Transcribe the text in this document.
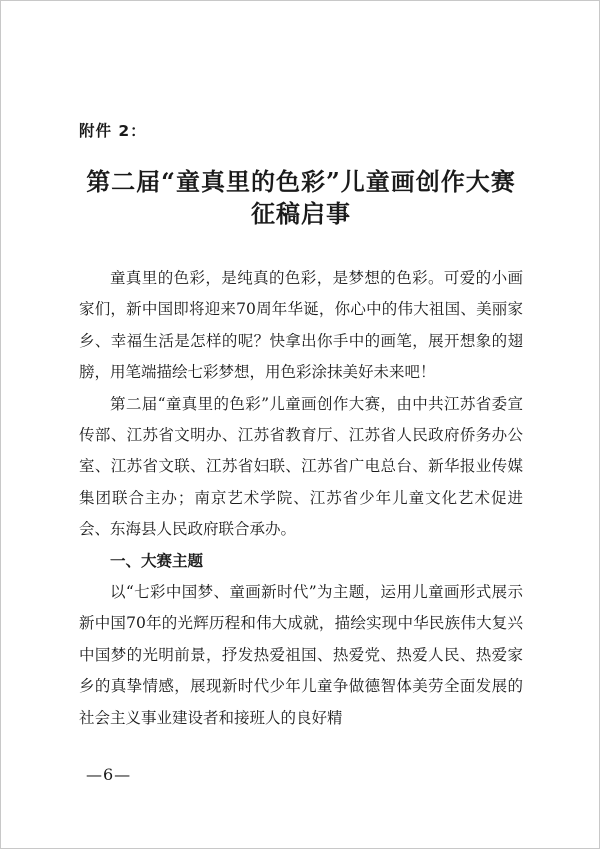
附件 2：
第二届“童真里的色彩”儿童画创作大赛
征稿启事

童真里的色彩，是纯真的色彩，是梦想的色彩。可爱的小画家们，新中国即将迎来70周年华诞，你心中的伟大祖国、美丽家乡、幸福生活是怎样的呢？快拿出你手中的画笔，展开想象的翅膀，用笔端描绘七彩梦想，用色彩涂抹美好未来吧！

第二届“童真里的色彩”儿童画创作大赛，由中共江苏省委宣传部、江苏省文明办、江苏省教育厅、江苏省人民政府侨务办公室、江苏省文联、江苏省妇联、江苏省广电总台、新华报业传媒集团联合主办；南京艺术学院、江苏省少年儿童文化艺术促进会、东海县人民政府联合承办。

一、大赛主题

以“七彩中国梦、童画新时代”为主题，运用儿童画形式展示新中国70年的光辉历程和伟大成就，描绘实现中华民族伟大复兴中国梦的光明前景，抒发热爱祖国、热爱党、热爱人民、热爱家乡的真挚情感，展现新时代少年儿童争做德智体美劳全面发展的社会主义事业建设者和接班人的良好精

—6—
